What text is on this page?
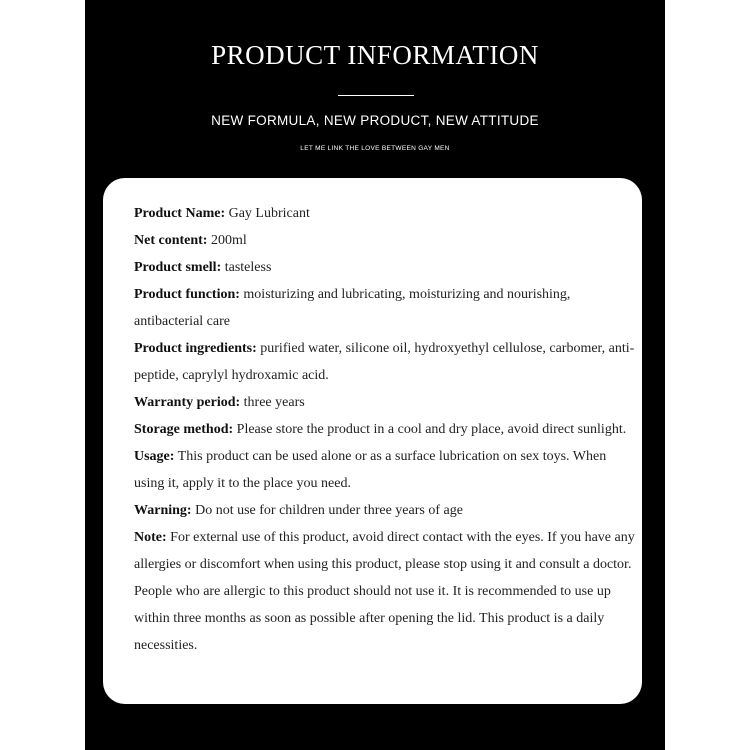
PRODUCT INFORMATION
NEW FORMULA, NEW PRODUCT, NEW ATTITUDE
LET ME LINK THE LOVE BETWEEN GAY MEN
Product Name: Gay Lubricant
Net content: 200ml
Product smell: tasteless
Product function: moisturizing and lubricating, moisturizing and nourishing, antibacterial care
Product ingredients: purified water, silicone oil, hydroxyethyl cellulose, carbomer, anti-peptide, caprylyl hydroxamic acid.
Warranty period: three years
Storage method: Please store the product in a cool and dry place, avoid direct sunlight.
Usage: This product can be used alone or as a surface lubrication on sex toys. When using it, apply it to the place you need.
Warning: Do not use for children under three years of age
Note: For external use of this product, avoid direct contact with the eyes. If you have any allergies or discomfort when using this product, please stop using it and consult a doctor. People who are allergic to this product should not use it. It is recommended to use up within three months as soon as possible after opening the lid. This product is a daily necessities.
